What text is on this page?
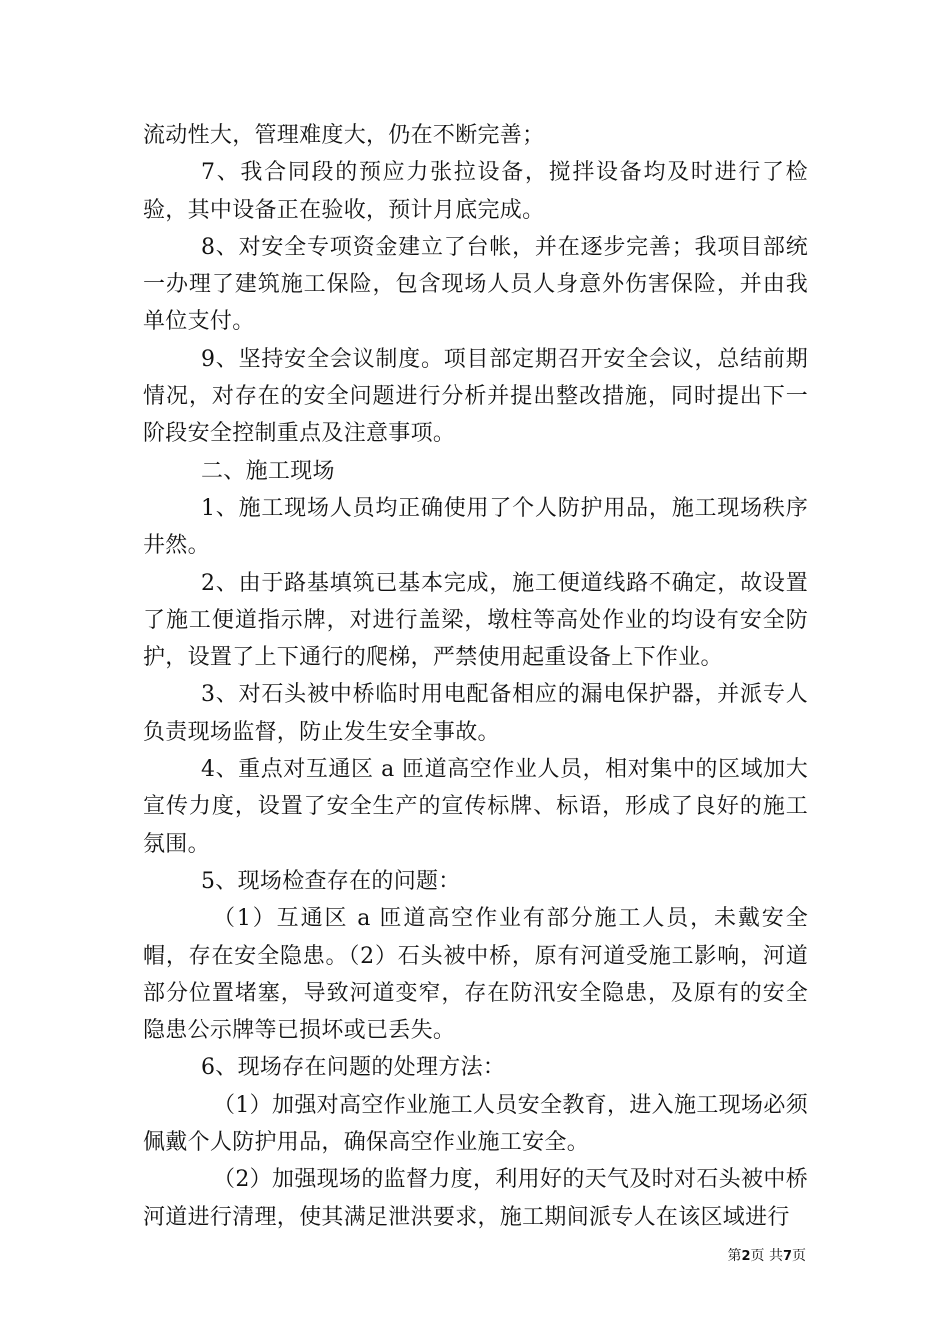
流动性大，管理难度大，仍在不断完善；

7、我合同段的预应力张拉设备，搅拌设备均及时进行了检验，其中设备正在验收，预计月底完成。

8、对安全专项资金建立了台帐，并在逐步完善；我项目部统一办理了建筑施工保险，包含现场人员人身意外伤害保险，并由我单位支付。

9、坚持安全会议制度。项目部定期召开安全会议，总结前期情况，对存在的安全问题进行分析并提出整改措施，同时提出下一阶段安全控制重点及注意事项。

二、施工现场

1、施工现场人员均正确使用了个人防护用品，施工现场秩序井然。

2、由于路基填筑已基本完成，施工便道线路不确定，故设置了施工便道指示牌，对进行盖梁，墩柱等高处作业的均设有安全防护，设置了上下通行的爬梯，严禁使用起重设备上下作业。

3、对石头被中桥临时用电配备相应的漏电保护器，并派专人负责现场监督，防止发生安全事故。

4、重点对互通区 a 匝道高空作业人员，相对集中的区域加大宣传力度，设置了安全生产的宣传标牌、标语，形成了良好的施工氛围。

5、现场检查存在的问题：

（1）互通区 a 匝道高空作业有部分施工人员，未戴安全帽，存在安全隐患。（2）石头被中桥，原有河道受施工影响，河道部分位置堵塞，导致河道变窄，存在防汛安全隐患，及原有的安全隐患公示牌等已损坏或已丢失。

6、现场存在问题的处理方法：

（1）加强对高空作业施工人员安全教育，进入施工现场必须佩戴个人防护用品，确保高空作业施工安全。

（2）加强现场的监督力度，利用好的天气及时对石头被中桥河道进行清理，使其满足泄洪要求，施工期间派专人在该区域进行

第2页 共7页
